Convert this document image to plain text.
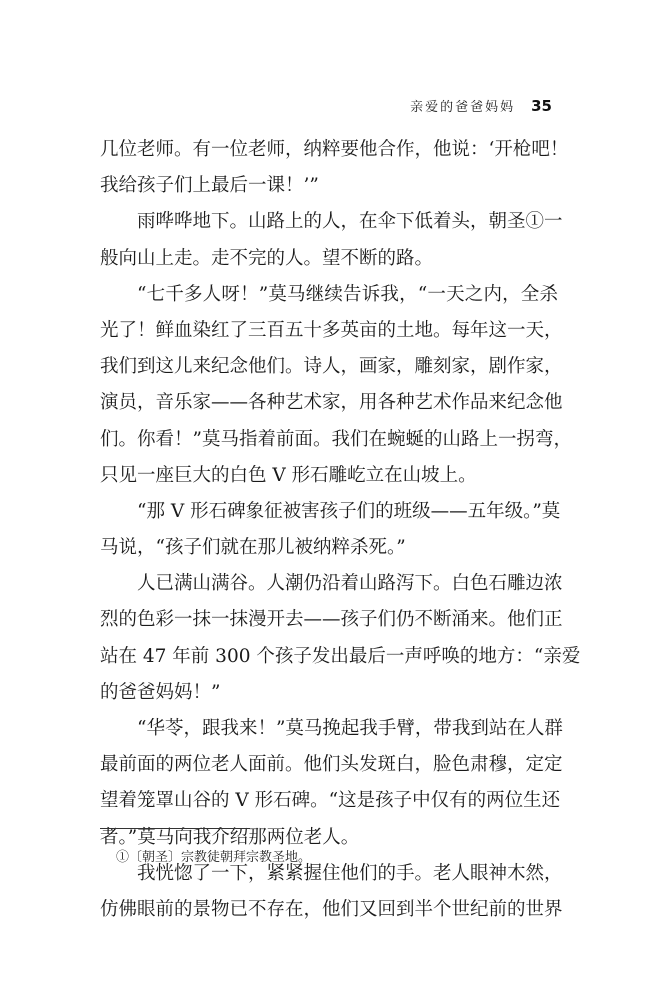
亲爱的爸爸妈妈 35
几位老师。有一位老师，纳粹要他合作，他说：‘开枪吧！
我给孩子们上最后一课！’”
雨哗哗地下。山路上的人，在伞下低着头，朝圣①一
般向山上走。走不完的人。望不断的路。
“七千多人呀！”莫马继续告诉我，“一天之内，全杀
光了！鲜血染红了三百五十多英亩的土地。每年这一天，
我们到这儿来纪念他们。诗人，画家，雕刻家，剧作家，
演员，音乐家——各种艺术家，用各种艺术作品来纪念他
们。你看！”莫马指着前面。我们在蜿蜒的山路上一拐弯，
只见一座巨大的白色 V 形石雕屹立在山坡上。
“那 V 形石碑象征被害孩子们的班级——五年级。”莫
马说，“孩子们就在那儿被纳粹杀死。”
人已满山满谷。人潮仍沿着山路泻下。白色石雕边浓
烈的色彩一抹一抹漫开去——孩子们仍不断涌来。他们正
站在 47 年前 300 个孩子发出最后一声呼唤的地方：“亲爱
的爸爸妈妈！”
“华苓，跟我来！”莫马挽起我手臂，带我到站在人群
最前面的两位老人面前。他们头发斑白，脸色肃穆，定定
望着笼罩山谷的 V 形石碑。“这是孩子中仅有的两位生还
者。”莫马向我介绍那两位老人。
我恍惚了一下，紧紧握住他们的手。老人眼神木然，
仿佛眼前的景物已不存在，他们又回到半个世纪前的世界
①〔朝圣〕宗教徒朝拜宗教圣地。
